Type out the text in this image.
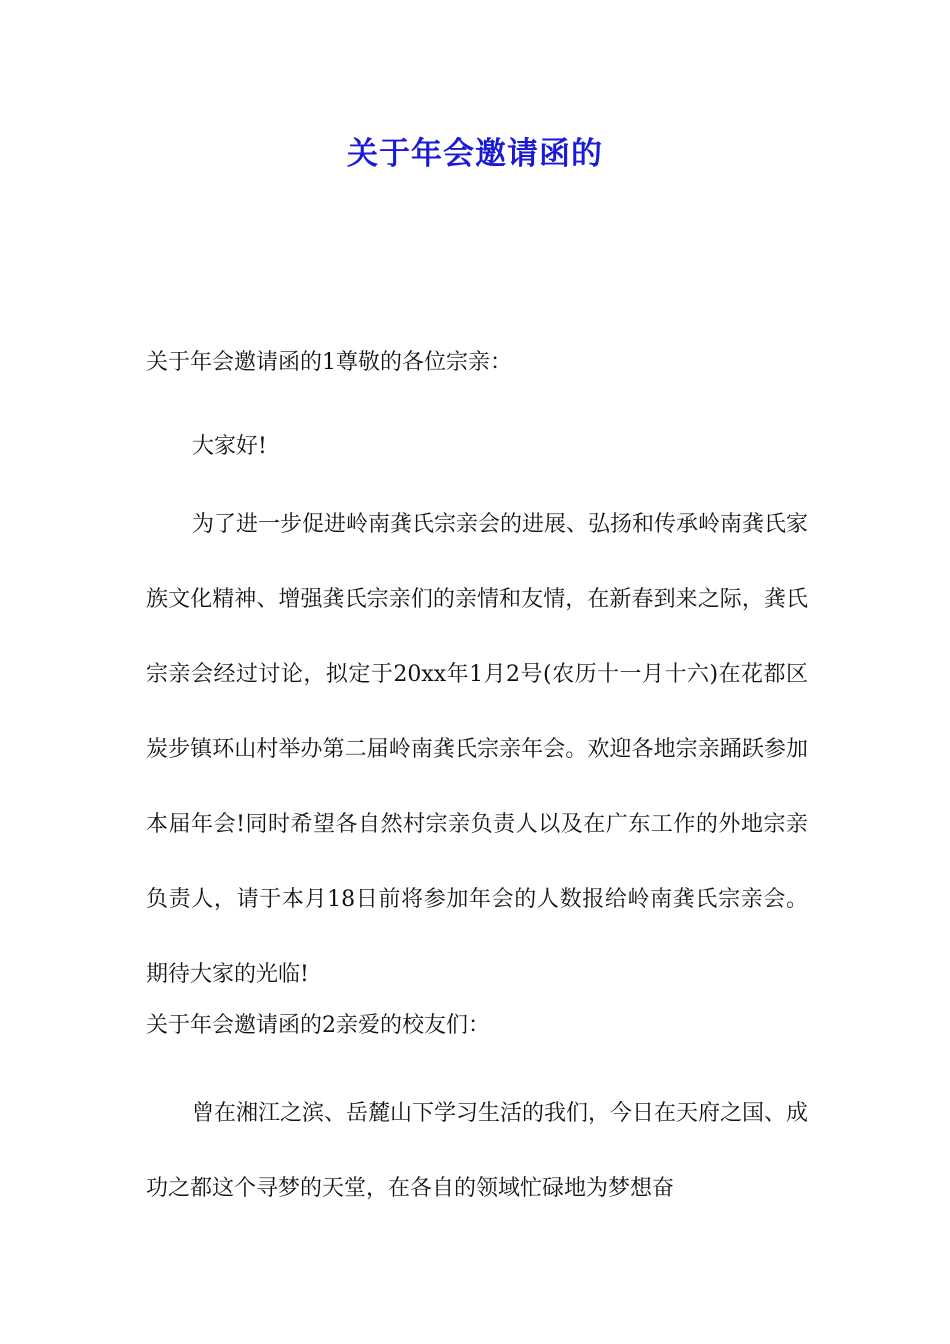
关于年会邀请函的

关于年会邀请函的1尊敬的各位宗亲：

大家好!

为了进一步促进岭南龚氏宗亲会的进展、弘扬和传承岭南龚氏家族文化精神、增强龚氏宗亲们的亲情和友情，在新春到来之际，龚氏宗亲会经过讨论，拟定于20xx年1月2号(农历十一月十六)在花都区炭步镇环山村举办第二届岭南龚氏宗亲年会。欢迎各地宗亲踊跃参加本届年会!同时希望各自然村宗亲负责人以及在广东工作的外地宗亲负责人，请于本月18日前将参加年会的人数报给岭南龚氏宗亲会。期待大家的光临!

关于年会邀请函的2亲爱的校友们：

曾在湘江之滨、岳麓山下学习生活的我们，今日在天府之国、成功之都这个寻梦的天堂，在各自的领域忙碌地为梦想奋
